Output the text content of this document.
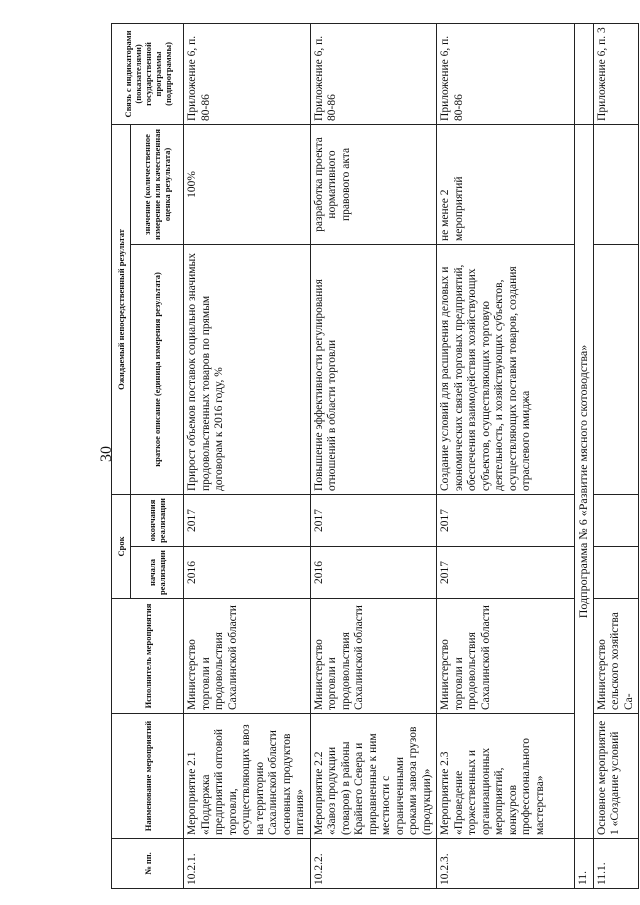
30
№ пп.	Наименование мероприятий	Исполнитель мероприятия	Срок		Ожидаемый непосредственный результат		Связь с индикаторами (показателями) государственной программы (подпрограммы)
			начала реализации	окончания реализации	краткое описание (единица измерения результата)	значение (количественное измерение или качественная оценка результата)	
10.2.1.	Мероприятие 2.1 «Поддержка предприятий оптовой торговли, осуществляющих ввоз на территорию Сахалинской области основных продуктов питания»	Министерство торговли и продовольствия Сахалинской области	2016	2017	Прирост объемов поставок социально значимых продовольственных товаров по прямым договорам к 2016 году, %	100%	Приложение 6, п. 80-86
10.2.2.	Мероприятие 2.2 «Завоз продукции (товаров) в районы Крайнего Севера и приравненные к ним местности с ограниченными сроками завоза грузов (продукции)»	Министерство торговли и продовольствия Сахалинской области	2016	2017	Повышение эффективности регулирования отношений в области торговли	разработка проекта нормативного правового акта	Приложение 6, п. 80-86
10.2.3.	Мероприятие 2.3 «Проведение торжественных и организационных мероприятий, конкурсов профессионального мастерства»	Министерство торговли и продовольствия Сахалинской области	2017	2017	Создание условий для расширения деловых и экономических связей торговых предприятий, обеспечения взаимодействия хозяйствующих субъектов, осуществляющих торговую деятельность, и хозяйствующих субъектов, осуществляющих поставки товаров, создания отраслевого имиджа	не менее 2 мероприятий	Приложение 6, п. 80-86
11.	Подпрограмма № 6 «Развитие мясного скотоводства»						
11.1.	Основное мероприятие 1 «Создание условий	Министерство сельского хозяйства Са-					Приложение 6, п. 3
